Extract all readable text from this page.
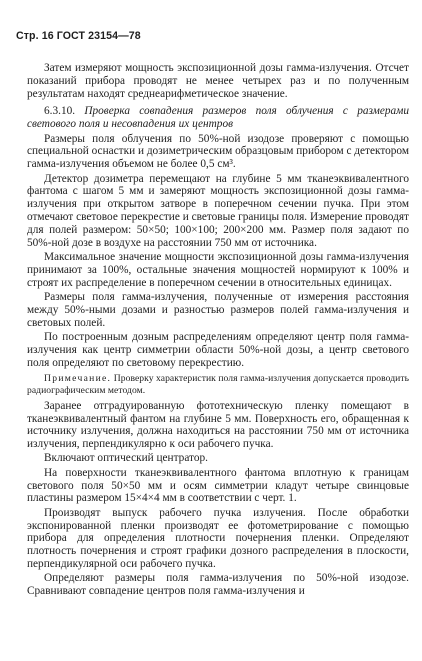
Стр. 16 ГОСТ 23154—78

Затем измеряют мощность экспозиционной дозы гамма-излучения. Отсчет показаний прибора проводят не менее четырех раз и по полученным результатам находят среднеарифметическое значение.

6.3.10. Проверка совпадения размеров поля облучения с размерами светового поля и несовпадения их центров

Размеры поля облучения по 50%-ной изодозе проверяют с помощью специальной оснастки и дозиметрическим образцовым прибором с детектором гамма-излучения объемом не более 0,5 см³.

Детектор дозиметра перемещают на глубине 5 мм тканеэквивалентного фантома с шагом 5 мм и замеряют мощность экспозиционной дозы гамма-излучения при открытом затворе в поперечном сечении пучка. При этом отмечают световое перекрестие и световые границы поля. Измерение проводят для полей размером: 50×50; 100×100; 200×200 мм. Размер поля задают по 50%-ной дозе в воздухе на расстоянии 750 мм от источника.

Максимальное значение мощности экспозиционной дозы гамма-излучения принимают за 100%, остальные значения мощностей нормируют к 100% и строят их распределение в поперечном сечении в относительных единицах.

Размеры поля гамма-излучения, полученные от измерения расстояния между 50%-ными дозами и разностью размеров полей гамма-излучения и световых полей.

По построенным дозным распределениям определяют центр поля гамма-излучения как центр симметрии области 50%-ной дозы, а центр светового поля определяют по световому перекрестию.

Примечание. Проверку характеристик поля гамма-излучения допускается проводить радиографическим методом.

Заранее отградуированную фототехническую пленку помещают в тканеэквивалентный фантом на глубине 5 мм. Поверхность его, обращенная к источнику излучения, должна находиться на расстоянии 750 мм от источника излучения, перпендикулярно к оси рабочего пучка.

Включают оптический центратор.

На поверхности тканеэквивалентного фантома вплотную к границам светового поля 50×50 мм и осям симметрии кладут четыре свинцовые пластины размером 15×4×4 мм в соответствии с черт. 1.

Производят выпуск рабочего пучка излучения. После обработки экспонированной пленки производят ее фотометрирование с помощью прибора для определения плотности почернения пленки. Определяют плотность почернения и строят графики дозного распределения в плоскости, перпендикулярной оси рабочего пучка.

Определяют размеры поля гамма-излучения по 50%-ной изодозе. Сравнивают совпадение центров поля гамма-излучения и
